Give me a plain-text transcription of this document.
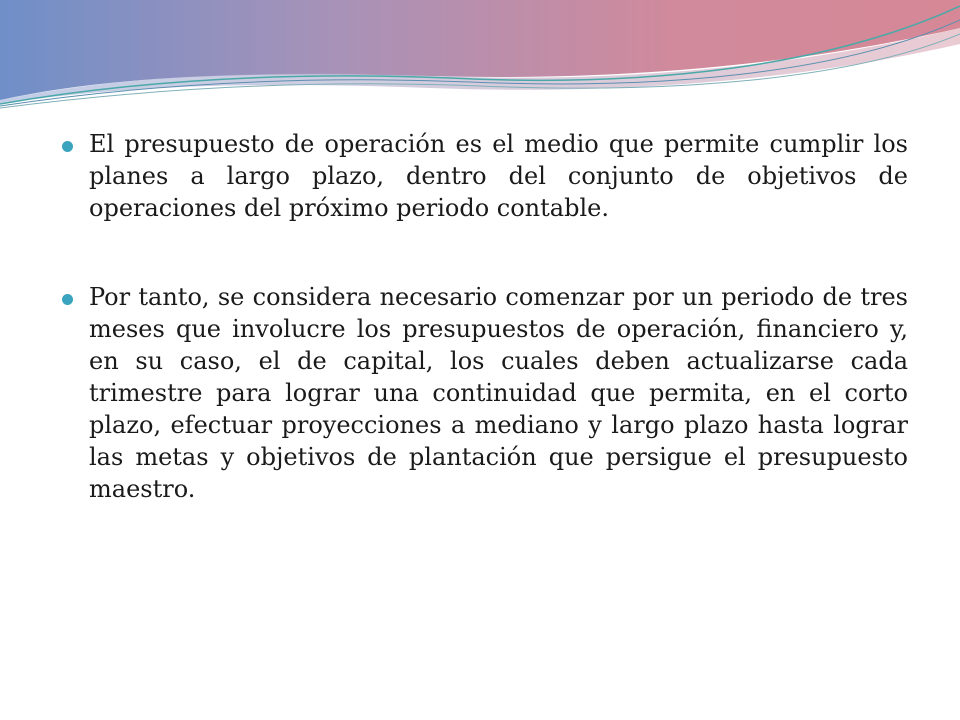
El presupuesto de operación es el medio que permite cumplir los planes a largo plazo, dentro del conjunto de objetivos de operaciones del próximo periodo contable.
Por tanto, se considera necesario comenzar por un periodo de tres meses que involucre los presupuestos de operación, financiero y, en su caso, el de capital, los cuales deben actualizarse cada trimestre para lograr una continuidad que permita, en el corto plazo, efectuar proyecciones a mediano y largo plazo hasta lograr las metas y objetivos de plantación que persigue el presupuesto maestro.
